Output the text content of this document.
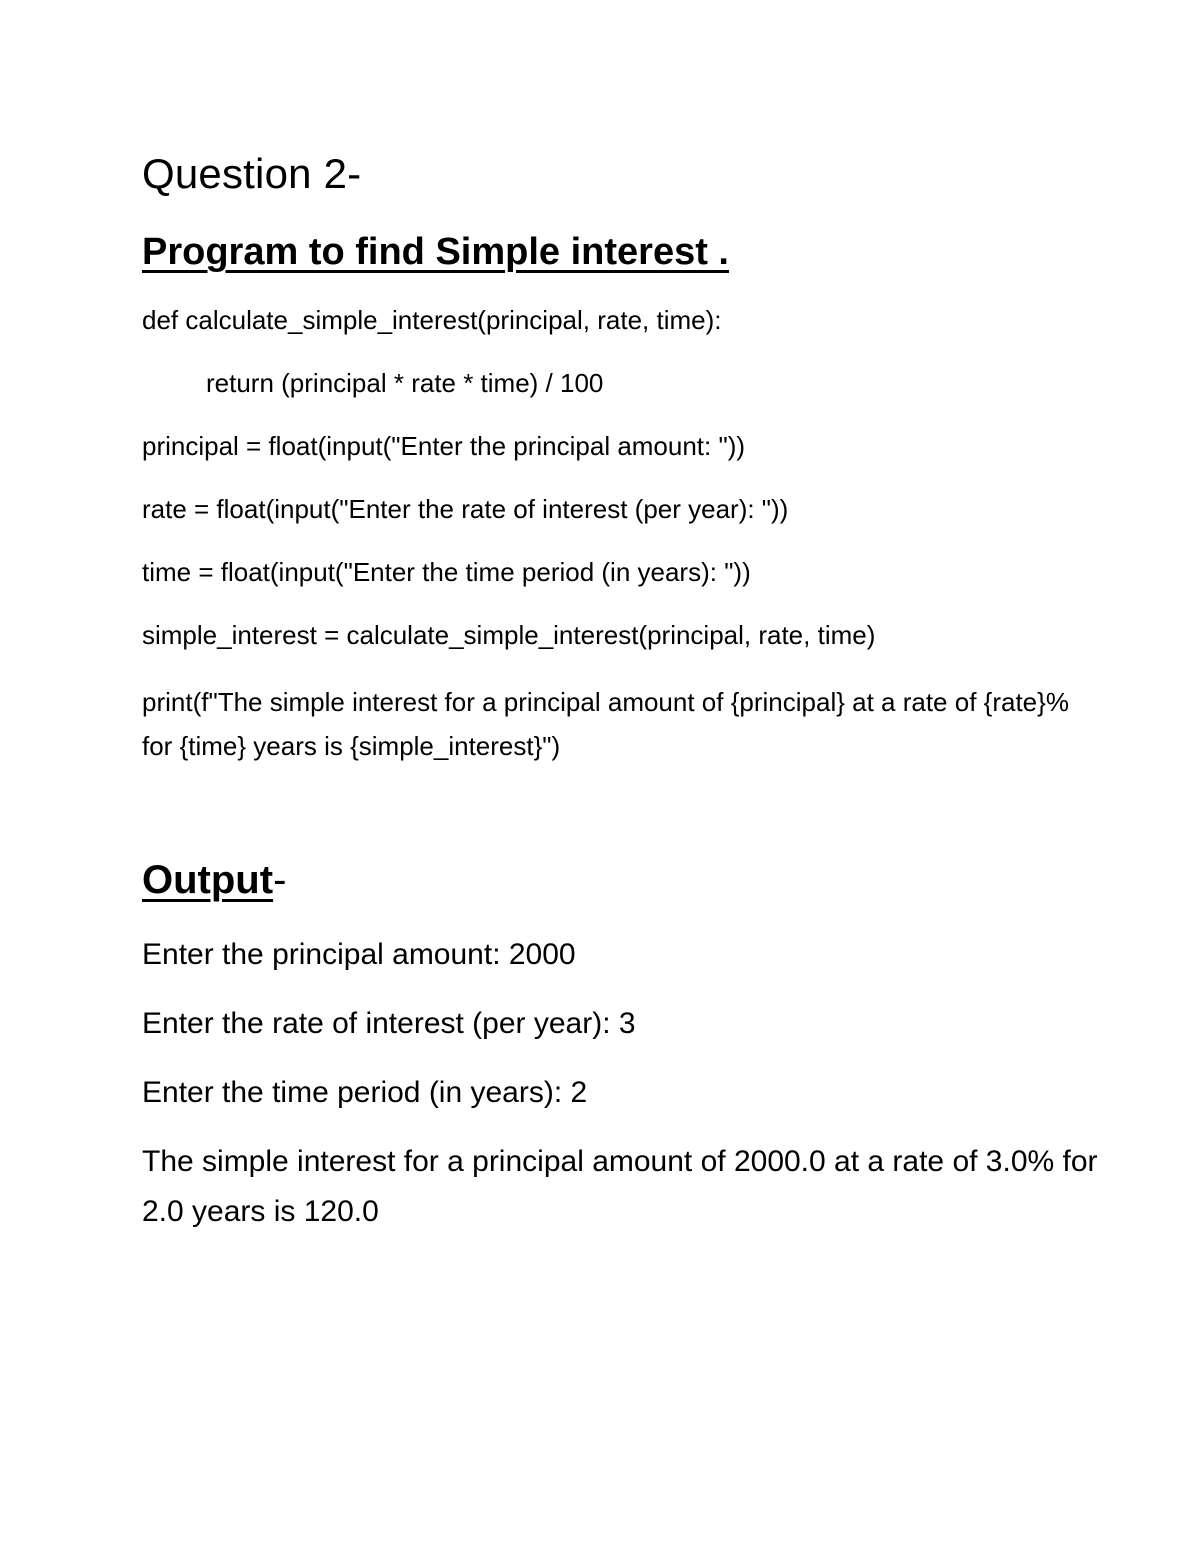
Question 2-
Program to find Simple interest .

def calculate_simple_interest(principal, rate, time):

return (principal * rate * time) / 100

principal = float(input("Enter the principal amount: "))

rate = float(input("Enter the rate of interest (per year): "))

time = float(input("Enter the time period (in years): "))

simple_interest = calculate_simple_interest(principal, rate, time)

print(f"The simple interest for a principal amount of {principal} at a rate of {rate}% for {time} years is {simple_interest}")

Output-

Enter the principal amount: 2000

Enter the rate of interest (per year): 3

Enter the time period (in years): 2

The simple interest for a principal amount of 2000.0 at a rate of 3.0% for 2.0 years is 120.0
